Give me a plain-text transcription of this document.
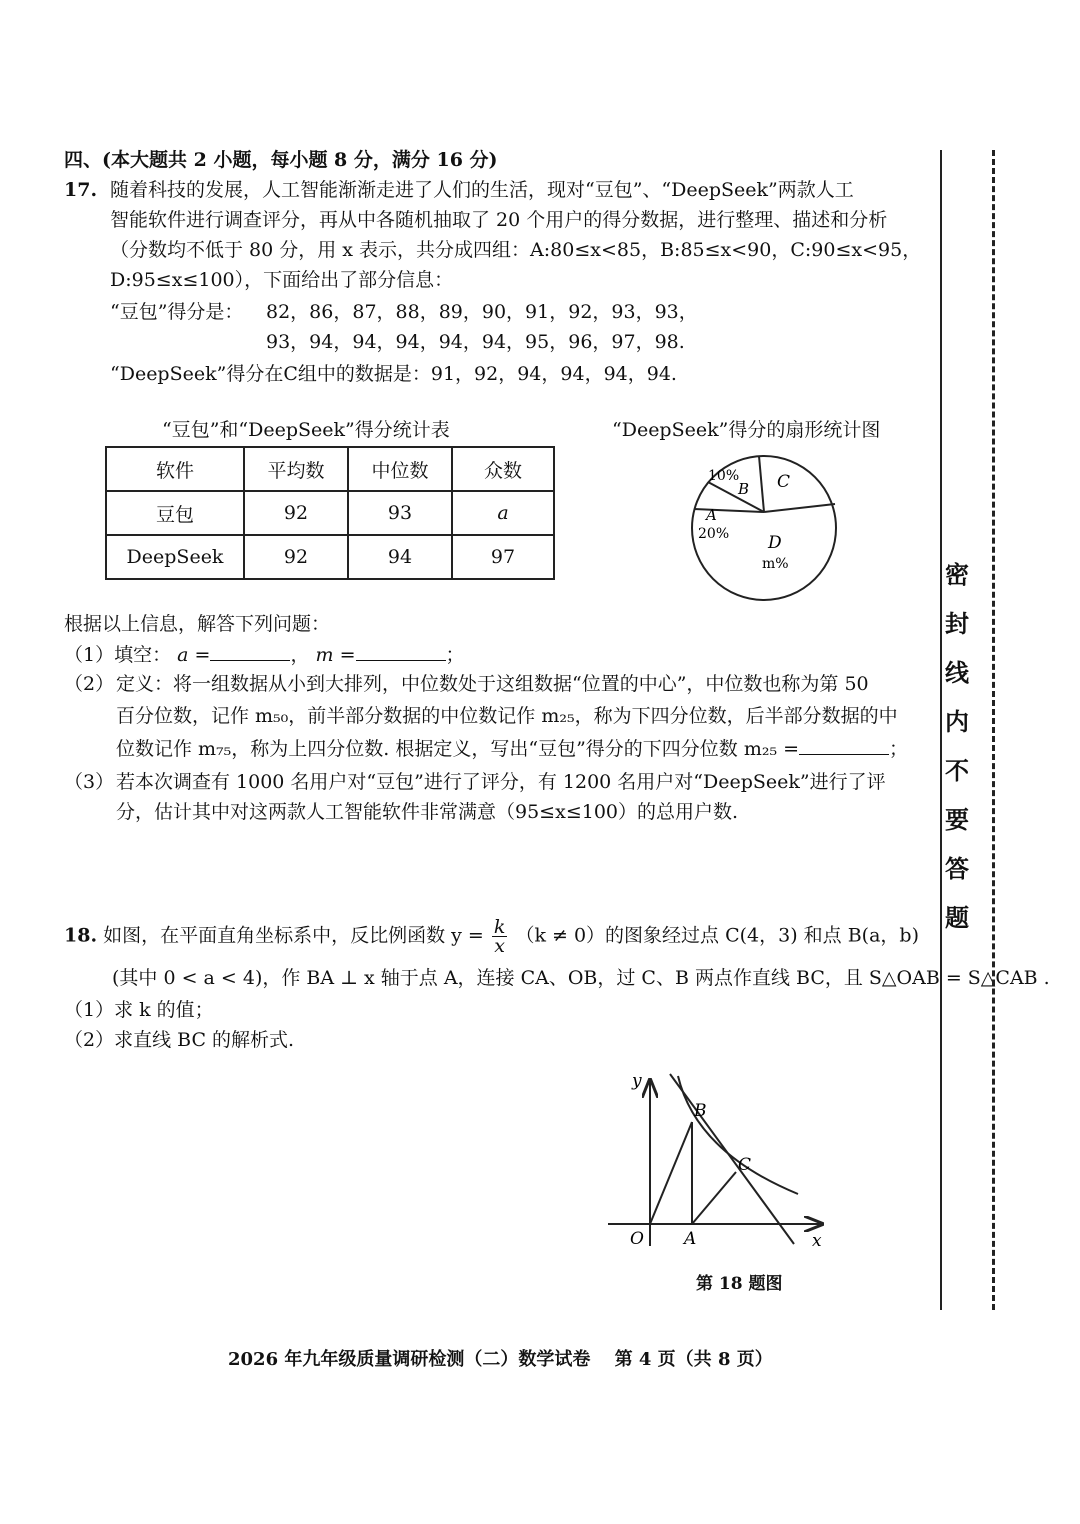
四、(本大题共 2 小题，每小题 8 分，满分 16 分)
17. 随着科技的发展，人工智能渐渐走进了人们的生活，现对“豆包”、“DeepSeek”两款人工
智能软件进行调查评分，再从中各随机抽取了 20 个用户的得分数据，进行整理、描述和分析
（分数均不低于 80 分，用 x 表示，共分成四组：A:80≤x<85，B:85≤x<90，C:90≤x<95，
D:95≤x≤100），下面给出了部分信息：
“豆包”得分是： 82，86，87，88，89，90，91，92，93，93，
93，94，94，94，94，94，95，96，97，98.
“DeepSeek”得分在C组中的数据是：91，92，94，94，94，94.
“豆包”和“DeepSeek”得分统计表
软件	平均数	中位数	众数
豆包	92	93	a
DeepSeek	92	94	97
“DeepSeek”得分的扇形统计图
10%
B C
A
20% D
m%
根据以上信息，解答下列问题：
（1）填空： a =	， m =	；
（2） 定义：将一组数据从小到大排列，中位数处于这组数据“位置的中心”，中位数也称为第 50
百分位数，记作 m₅₀，前半部分数据的中位数记作 m₂₅，称为下四分位数，后半部分数据的中
位数记作 m₇₅，称为上四分位数. 根据定义，写出“豆包”得分的下四分位数 m₂₅ =	；
（3） 若本次调查有 1000 名用户对“豆包”进行了评分，有 1200 名用户对“DeepSeek”进行了评
分，估计其中对这两款人工智能软件非常满意（95≤x≤100）的总用户数.
18. 如图，在平面直角坐标系中，反比例函数 $y = \frac{k}{x} (k \ne 0)$的图象经过点 C(4，3) 和点 B(a，b)
(其中 0 < a < 4)，作 BA ⊥ x 轴于点 A，连接 CA、OB，过 C、B 两点作直线 BC，且 S△OAB = S△CAB .
（1）求 k 的值；
（2）求直线 BC 的解析式.
y
x
O A
B
C
第 18 题图
2026 年九年级质量调研检测（二）数学试卷　 第 4 页（共 8 页）
密
封
线
内
不
要
答
题
